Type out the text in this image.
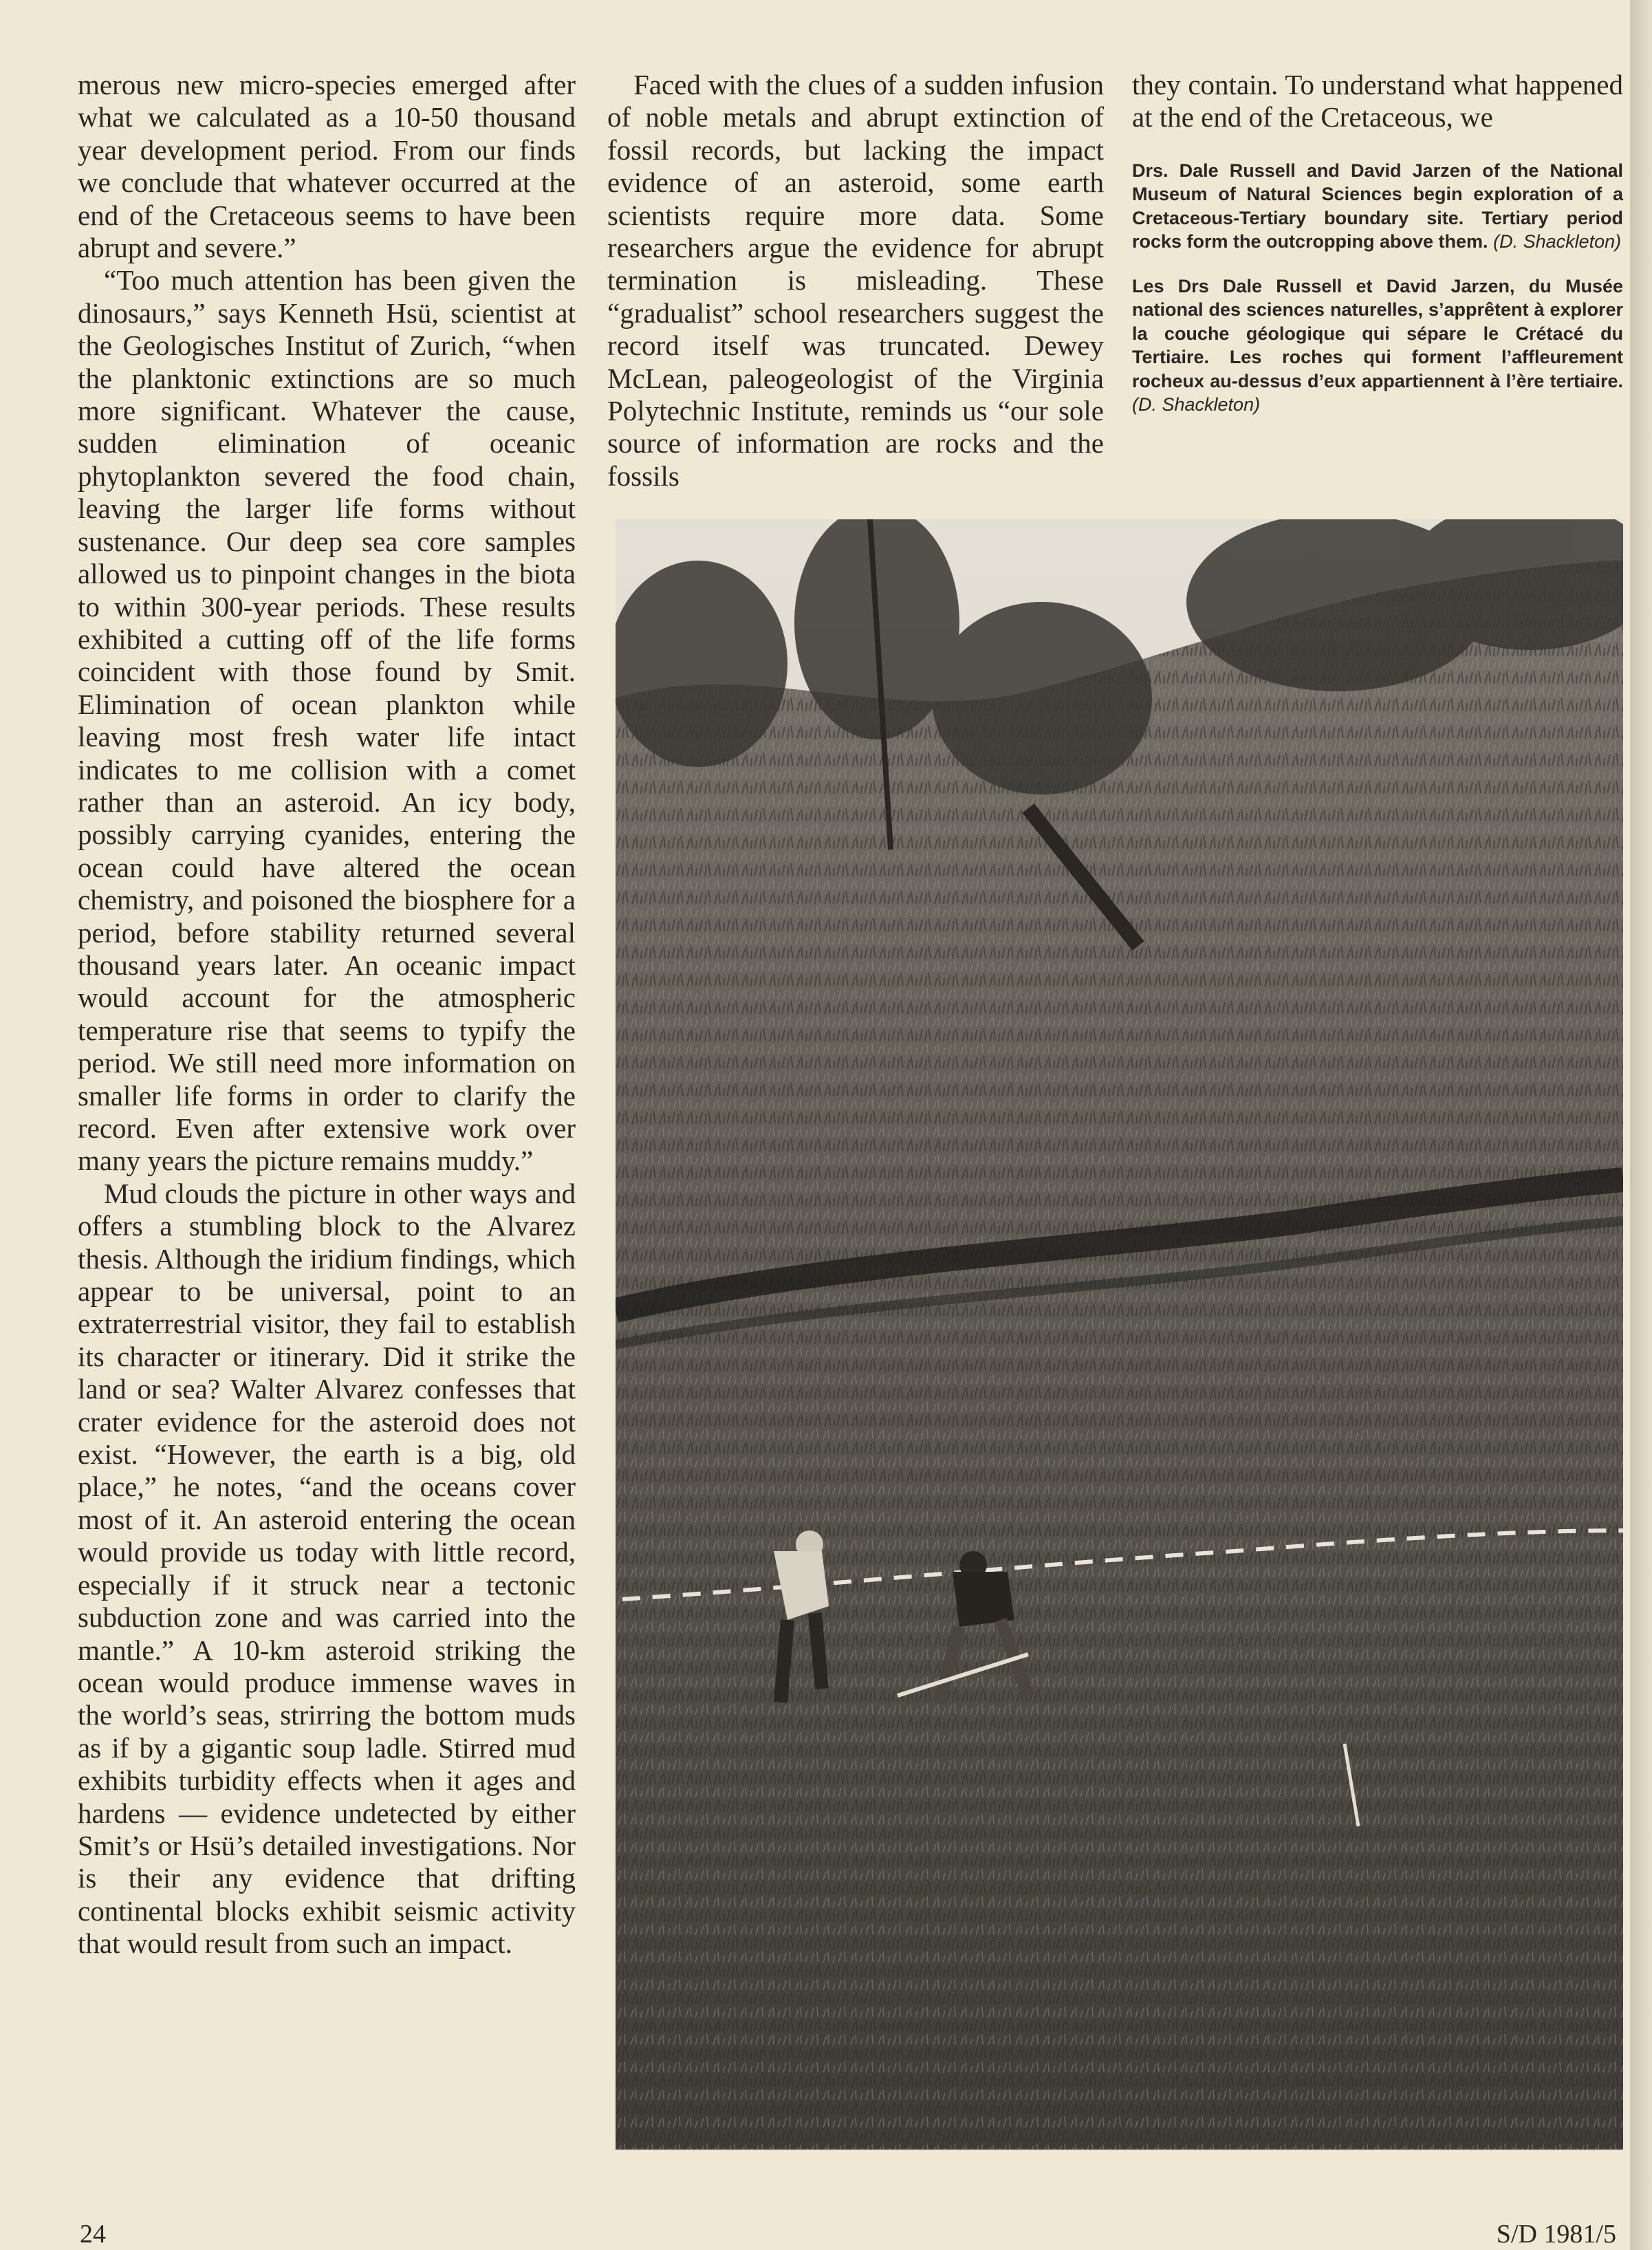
merous new micro-species emerged after what we calculated as a 10-50 thousand year development period. From our finds we conclude that whatever occurred at the end of the Cretaceous seems to have been abrupt and severe.”

“Too much attention has been given the dinosaurs,” says Kenneth Hsü, scientist at the Geologisches Institut of Zurich, “when the planktonic extinctions are so much more significant. Whatever the cause, sudden elimination of oceanic phytoplankton severed the food chain, leaving the larger life forms without sustenance. Our deep sea core samples allowed us to pinpoint changes in the biota to within 300-year periods. These results exhibited a cutting off of the life forms coincident with those found by Smit. Elimination of ocean plankton while leaving most fresh water life intact indicates to me collision with a comet rather than an asteroid. An icy body, possibly carrying cyanides, entering the ocean could have altered the ocean chemistry, and poisoned the biosphere for a period, before stability returned several thousand years later. An oceanic impact would account for the atmospheric temperature rise that seems to typify the period. We still need more information on smaller life forms in order to clarify the record. Even after extensive work over many years the picture remains muddy.”

Mud clouds the picture in other ways and offers a stumbling block to the Alvarez thesis. Although the iridium findings, which appear to be universal, point to an extraterrestrial visitor, they fail to establish its character or itinerary. Did it strike the land or sea? Walter Alvarez confesses that crater evidence for the asteroid does not exist. “However, the earth is a big, old place,” he notes, “and the oceans cover most of it. An asteroid entering the ocean would provide us today with little record, especially if it struck near a tectonic subduction zone and was carried into the mantle.” A 10-km asteroid striking the ocean would produce immense waves in the world’s seas, strirring the bottom muds as if by a gigantic soup ladle. Stirred mud exhibits turbidity effects when it ages and hardens — evidence undetected by either Smit’s or Hsü’s detailed investigations. Nor is their any evidence that drifting continental blocks exhibit seismic activity that would result from such an impact.

Faced with the clues of a sudden infusion of noble metals and abrupt extinction of fossil records, but lacking the impact evidence of an asteroid, some earth scientists require more data. Some researchers argue the evidence for abrupt termination is misleading. These “gradualist” school researchers suggest the record itself was truncated. Dewey McLean, paleogeologist of the Virginia Polytechnic Institute, reminds us “our sole source of information are rocks and the fossils

they contain. To understand what happened at the end of the Cretaceous, we

Drs. Dale Russell and David Jarzen of the National Museum of Natural Sciences begin exploration of a Cretaceous-Tertiary boundary site. Tertiary period rocks form the outcropping above them. (D. Shackleton)
Les Drs Dale Russell et David Jarzen, du Musée national des sciences naturelles, s’apprêtent à explorer la couche géologique qui sépare le Crétacé du Tertiaire. Les roches qui forment l’affleurement rocheux au-dessus d’eux appartiennent à l’ère tertiaire. (D. Shackleton)
24	S/D 1981/5
